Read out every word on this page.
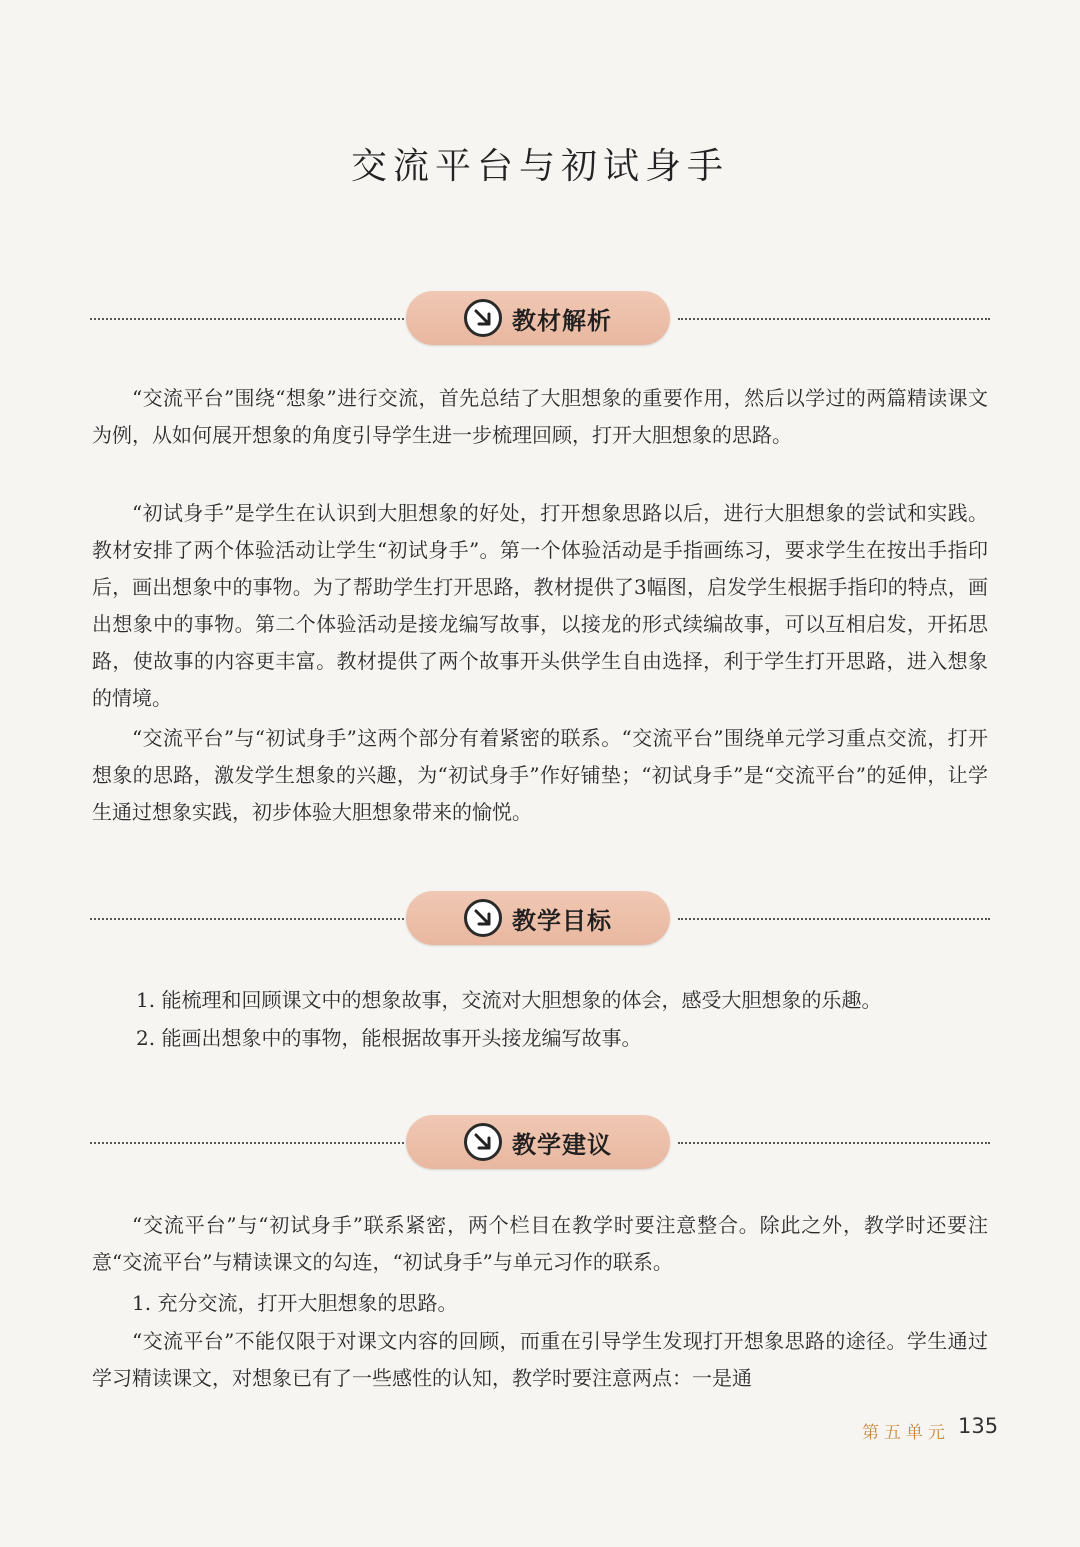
交流平台与初试身手
教材解析

“交流平台”围绕“想象”进行交流，首先总结了大胆想象的重要作用，然后以学过的两篇精读课文为例，从如何展开想象的角度引导学生进一步梳理回顾，打开大胆想象的思路。

“初试身手”是学生在认识到大胆想象的好处，打开想象思路以后，进行大胆想象的尝试和实践。教材安排了两个体验活动让学生“初试身手”。第一个体验活动是手指画练习，要求学生在按出手指印后，画出想象中的事物。为了帮助学生打开思路，教材提供了3幅图，启发学生根据手指印的特点，画出想象中的事物。第二个体验活动是接龙编写故事，以接龙的形式续编故事，可以互相启发，开拓思路，使故事的内容更丰富。教材提供了两个故事开头供学生自由选择，利于学生打开思路，进入想象的情境。

“交流平台”与“初试身手”这两个部分有着紧密的联系。“交流平台”围绕单元学习重点交流，打开想象的思路，激发学生想象的兴趣，为“初试身手”作好铺垫；“初试身手”是“交流平台”的延伸，让学生通过想象实践，初步体验大胆想象带来的愉悦。

教学目标

1. 能梳理和回顾课文中的想象故事，交流对大胆想象的体会，感受大胆想象的乐趣。

2. 能画出想象中的事物，能根据故事开头接龙编写故事。

教学建议

“交流平台”与“初试身手”联系紧密，两个栏目在教学时要注意整合。除此之外，教学时还要注意“交流平台”与精读课文的勾连，“初试身手”与单元习作的联系。

1. 充分交流，打开大胆想象的思路。

“交流平台”不能仅限于对课文内容的回顾，而重在引导学生发现打开想象思路的途径。学生通过学习精读课文，对想象已有了一些感性的认知，教学时要注意两点：一是通

第五单元 135
